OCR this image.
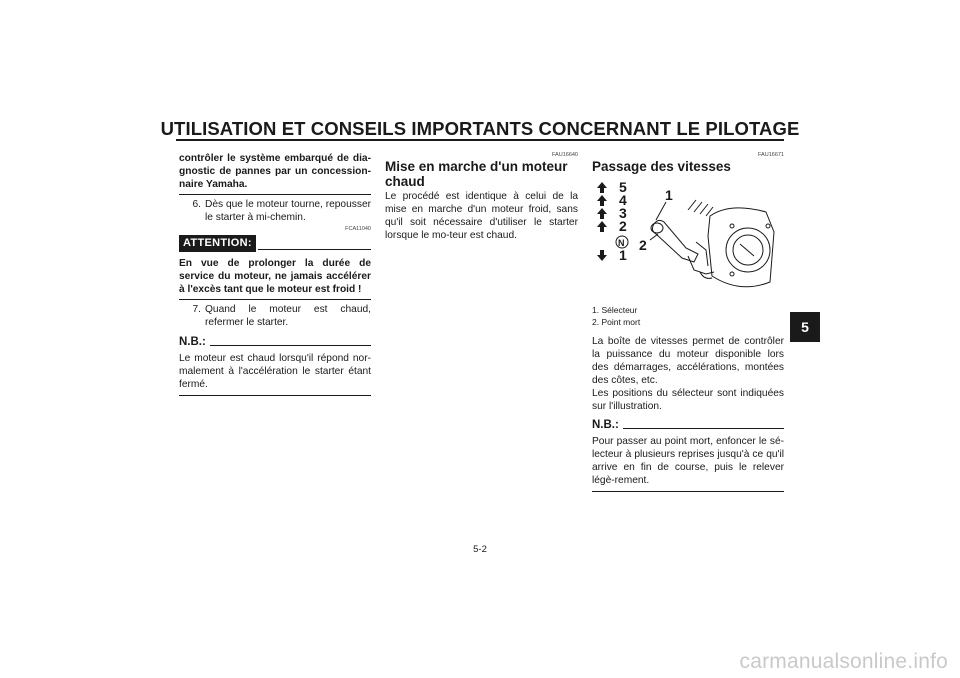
UTILISATION ET CONSEILS IMPORTANTS CONCERNANT LE PILOTAGE
5

contrôler le système embarqué de dia-gnostic de pannes par un concession-naire Yamaha.

6. Dès que le moteur tourne, repousser le starter à mi-chemin.
FCA11040
ATTENTION:

En vue de prolonger la durée de service du moteur, ne jamais accélérer à l'excès tant que le moteur est froid !

7. Quand le moteur est chaud, refermer le starter.
N.B.:

Le moteur est chaud lorsqu'il répond nor-malement à l'accélération le starter étant fermé.

FAU16640

Mise en marche d'un moteur chaud

Le procédé est identique à celui de la mise en marche d'un moteur froid, sans qu'il soit nécessaire d'utiliser le starter lorsque le mo-teur est chaud.

FAU16671

Passage des vitesses

5
4
3
2
N
1
1
2
1. Sélecteur
2. Point mort

La boîte de vitesses permet de contrôler la puissance du moteur disponible lors des démarrages, accélérations, montées des côtes, etc.

Les positions du sélecteur sont indiquées sur l'illustration.

N.B.:

Pour passer au point mort, enfoncer le sé-lecteur à plusieurs reprises jusqu'à ce qu'il arrive en fin de course, puis le relever légè-rement.

5-2
carmanualsonline.info
